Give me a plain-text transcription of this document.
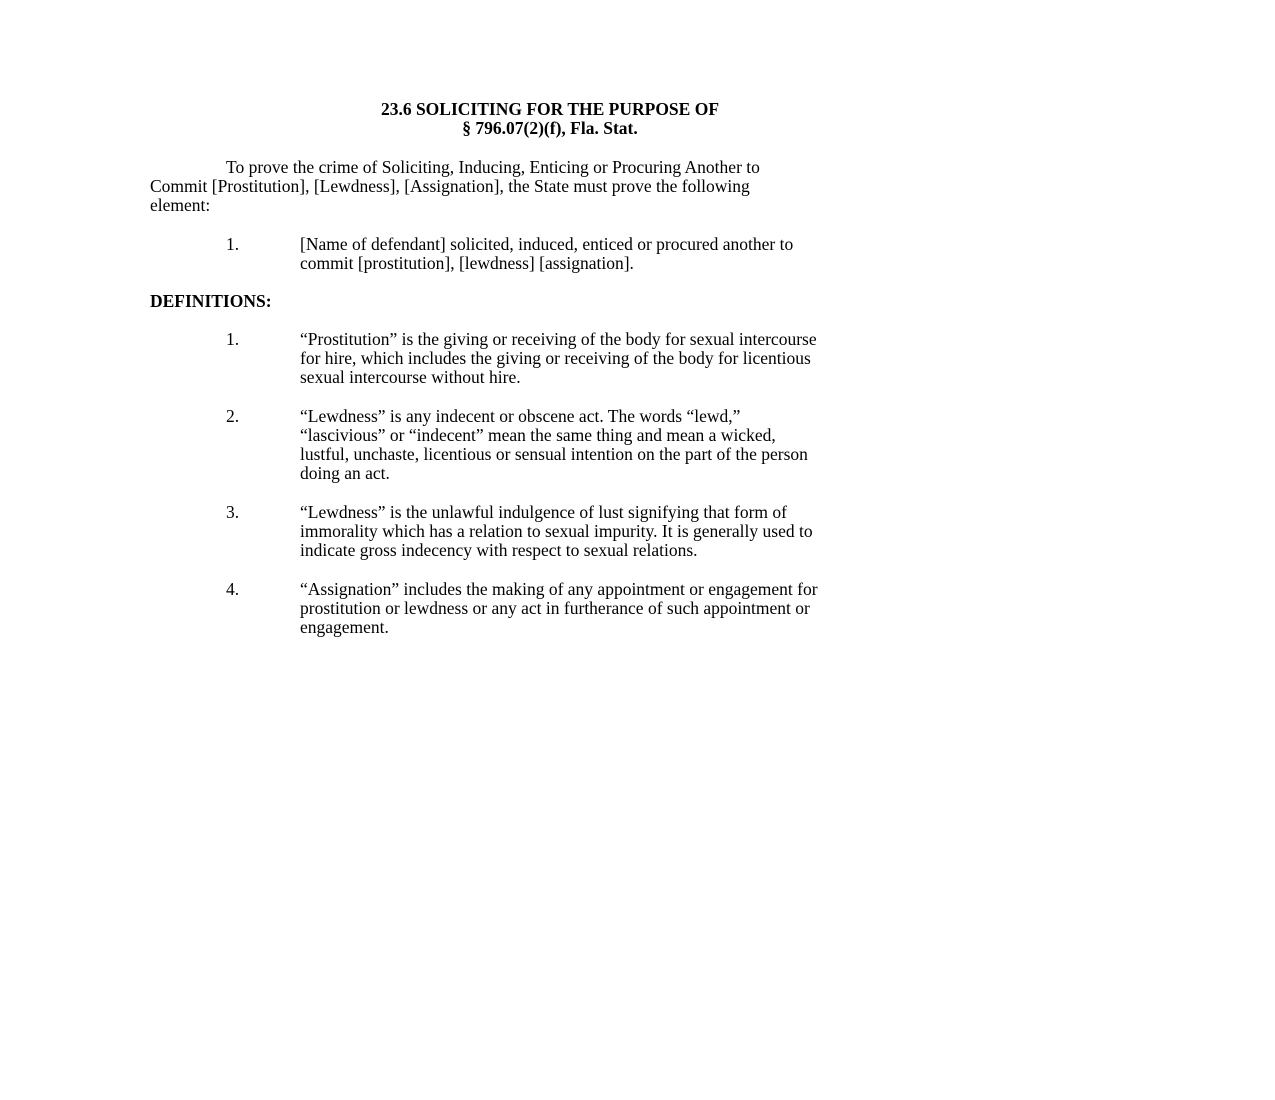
23.6 SOLICITING FOR THE PURPOSE OF
§ 796.07(2)(f), Fla. Stat.
To prove the crime of Soliciting, Inducing, Enticing or Procuring Another to
Commit [Prostitution], [Lewdness], [Assignation], the State must prove the following
element:
1.	[Name of defendant] solicited, induced, enticed or procured another to
commit [prostitution], [lewdness] [assignation].
DEFINITIONS:
1.	“Prostitution” is the giving or receiving of the body for sexual intercourse
for hire, which includes the giving or receiving of the body for licentious
sexual intercourse without hire.
2.	“Lewdness” is any indecent or obscene act. The words “lewd,”
“lascivious” or “indecent” mean the same thing and mean a wicked,
lustful, unchaste, licentious or sensual intention on the part of the person
doing an act.
3.	“Lewdness” is the unlawful indulgence of lust signifying that form of
immorality which has a relation to sexual impurity. It is generally used to
indicate gross indecency with respect to sexual relations.
4.	“Assignation” includes the making of any appointment or engagement for
prostitution or lewdness or any act in furtherance of such appointment or
engagement.
